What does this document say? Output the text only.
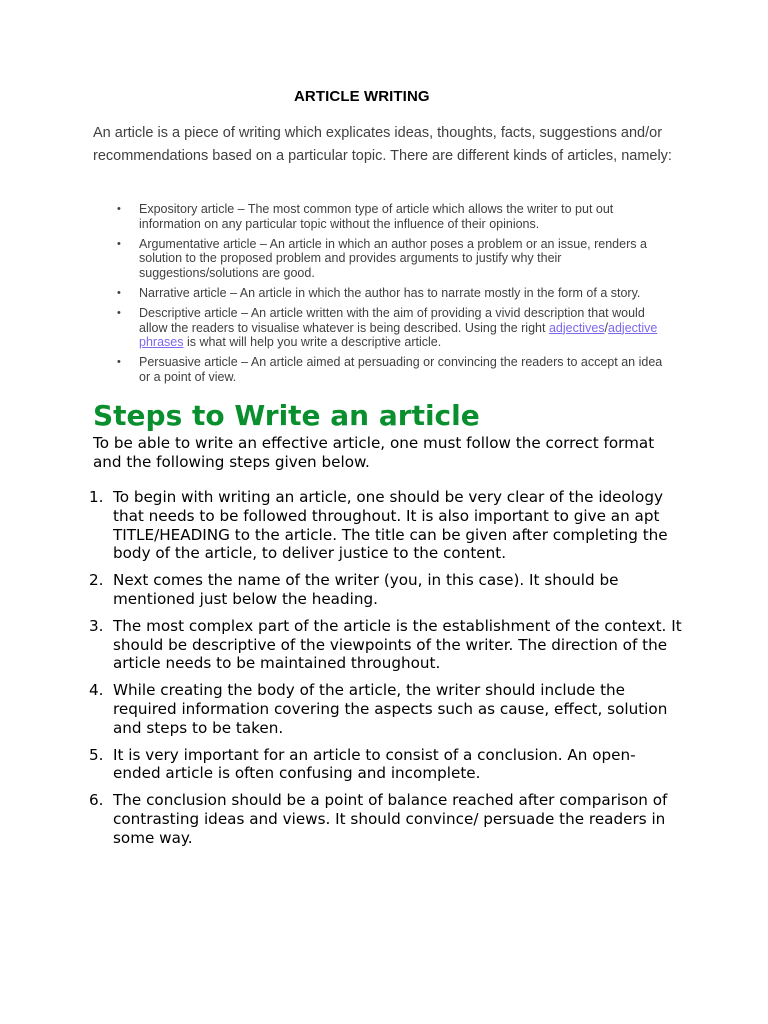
ARTICLE WRITING

An article is a piece of writing which explicates ideas, thoughts, facts, suggestions and/or recommendations based on a particular topic. There are different kinds of articles, namely:

• Expository article – The most common type of article which allows the writer to put out information on any particular topic without the influence of their opinions.
• Argumentative article – An article in which an author poses a problem or an issue, renders a solution to the proposed problem and provides arguments to justify why their suggestions/solutions are good.
• Narrative article – An article in which the author has to narrate mostly in the form of a story.
• Descriptive article – An article written with the aim of providing a vivid description that would allow the readers to visualise whatever is being described. Using the right adjectives/adjective phrases is what will help you write a descriptive article.
• Persuasive article – An article aimed at persuading or convincing the readers to accept an idea or a point of view.
Steps to Write an article

To be able to write an effective article, one must follow the correct format and the following steps given below.

1. To begin with writing an article, one should be very clear of the ideology that needs to be followed throughout. It is also important to give an apt TITLE/HEADING to the article. The title can be given after completing the body of the article, to deliver justice to the content.
2. Next comes the name of the writer (you, in this case). It should be mentioned just below the heading.
3. The most complex part of the article is the establishment of the context. It should be descriptive of the viewpoints of the writer. The direction of the article needs to be maintained throughout.
4. While creating the body of the article, the writer should include the required information covering the aspects such as cause, effect, solution and steps to be taken.
5. It is very important for an article to consist of a conclusion. An open-ended article is often confusing and incomplete.
6. The conclusion should be a point of balance reached after comparison of contrasting ideas and views. It should convince/ persuade the readers in some way.
